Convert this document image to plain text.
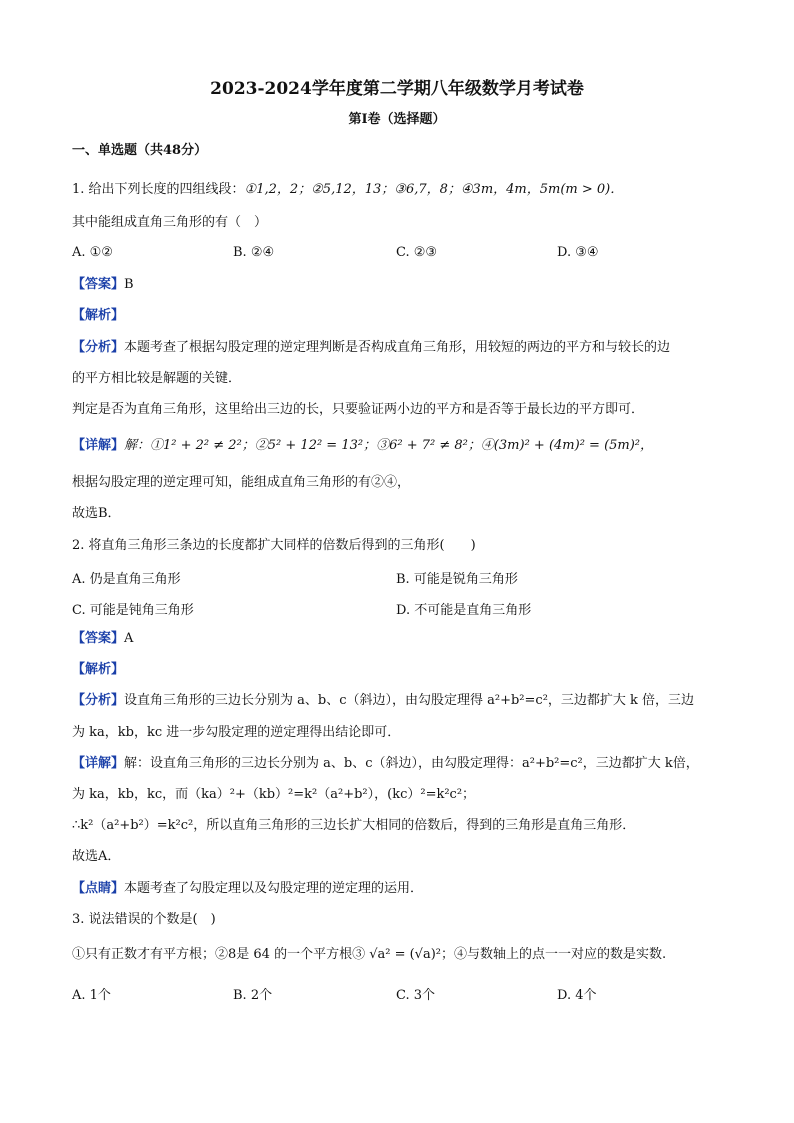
2023-2024学年度第二学期八年级数学月考试卷
第I卷（选择题）
一、单选题（共48分）
1. 给出下列长度的四组线段：①1,2，2；②5,12，13；③6,7，8；④3m，4m，5m(m > 0)．
其中能组成直角三角形的有（　）
A. ①②	B. ②④	C. ②③	D. ③④
【答案】B
【解析】
【分析】本题考查了根据勾股定理的逆定理判断是否构成直角三角形，用较短的两边的平方和与较长的边
的平方相比较是解题的关键．
判定是否为直角三角形，这里给出三边的长，只要验证两小边的平方和是否等于最长边的平方即可．
【详解】解：①1² + 2² ≠ 2²；②5² + 12² = 13²；③6² + 7² ≠ 8²；④(3m)² + (4m)² = (5m)²，
根据勾股定理的逆定理可知，能组成直角三角形的有②④，
故选B．
2. 将直角三角形三条边的长度都扩大同样的倍数后得到的三角形(　　)
A. 仍是直角三角形	B. 可能是锐角三角形
C. 可能是钝角三角形	D. 不可能是直角三角形
【答案】A
【解析】
【分析】设直角三角形的三边长分别为 a、b、c（斜边），由勾股定理得 a²+b²=c²，三边都扩大 k 倍，三边
为 ka，kb，kc 进一步勾股定理的逆定理得出结论即可．
【详解】解：设直角三角形的三边长分别为 a、b、c（斜边），由勾股定理得：a²+b²=c²，三边都扩大 k倍，
为 ka，kb，kc，而（ka）²+（kb）²=k²（a²+b²），(kc）²=k²c²；
∴k²（a²+b²）=k²c²，所以直角三角形的三边长扩大相同的倍数后，得到的三角形是直角三角形．
故选A．
【点睛】本题考查了勾股定理以及勾股定理的逆定理的运用．
3. 说法错误的个数是(　)
①只有正数才有平方根；②8是 64 的一个平方根③ √a² = (√a)²；④与数轴上的点一一对应的数是实数.
A. 1个	B. 2个	C. 3个	D. 4个
